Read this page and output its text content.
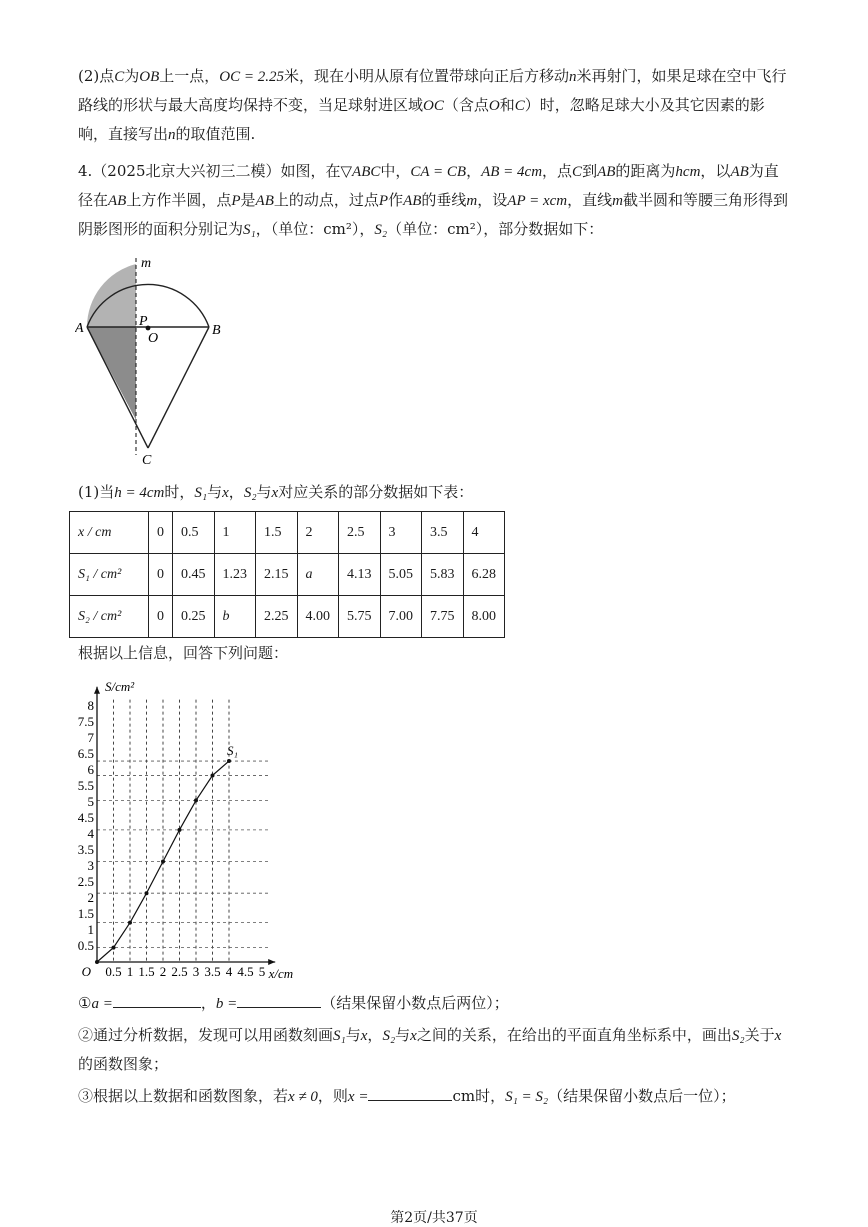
(2)点C为OB上一点，OC = 2.25米，现在小明从原有位置带球向正后方移动n米再射门，如果足球在空中飞行路线的形状与最大高度均保持不变，当足球射进区域OC（含点O和C）时，忽略足球大小及其它因素的影响，直接写出n的取值范围.

4.（2025北京大兴初三二模）如图，在▽ABC中，CA = CB，AB = 4cm，点C到AB的距离为hcm，以AB为直径在AB上方作半圆，点P是AB上的动点，过点P作AB的垂线m，设AP = xcm，直线m截半圆和等腰三角形得到阴影图形的面积分别记为S₁，（单位：cm²），S₂（单位：cm²），部分数据如下：

m
A	P
O
B
C
(1)当h = 4cm时，S₁与x，S₂与x对应关系的部分数据如下表：
x / cm	0	0.5	1	1.5	2	2.5	3	3.5	4
S₁ / cm²	0	0.45	1.23	2.15	a	4.13	5.05	5.83	6.28
S₂ / cm²	0	0.25	b	2.25	4.00	5.75	7.00	7.75	8.00
根据以上信息，回答下列问题：
0.5 1 1.5 2 2.5 3 3.5 4 4.5 5
0.5
1
1.5
2
2.5
3
3.5
4
4.5
5
5.5
6
6.5
7
7.5
8
O
S/cm²
x/cm
S₁

①a =	，b =	（结果保留小数点后两位）；

②通过分析数据，发现可以用函数刻画S₁与x，S₂与x之间的关系，在给出的平面直角坐标系中，画出S₂关于x的函数图象；

③根据以上数据和函数图象，若x ≠ 0，则x =	cm时，S₁ = S₂（结果保留小数点后一位）；

第2页/共37页
